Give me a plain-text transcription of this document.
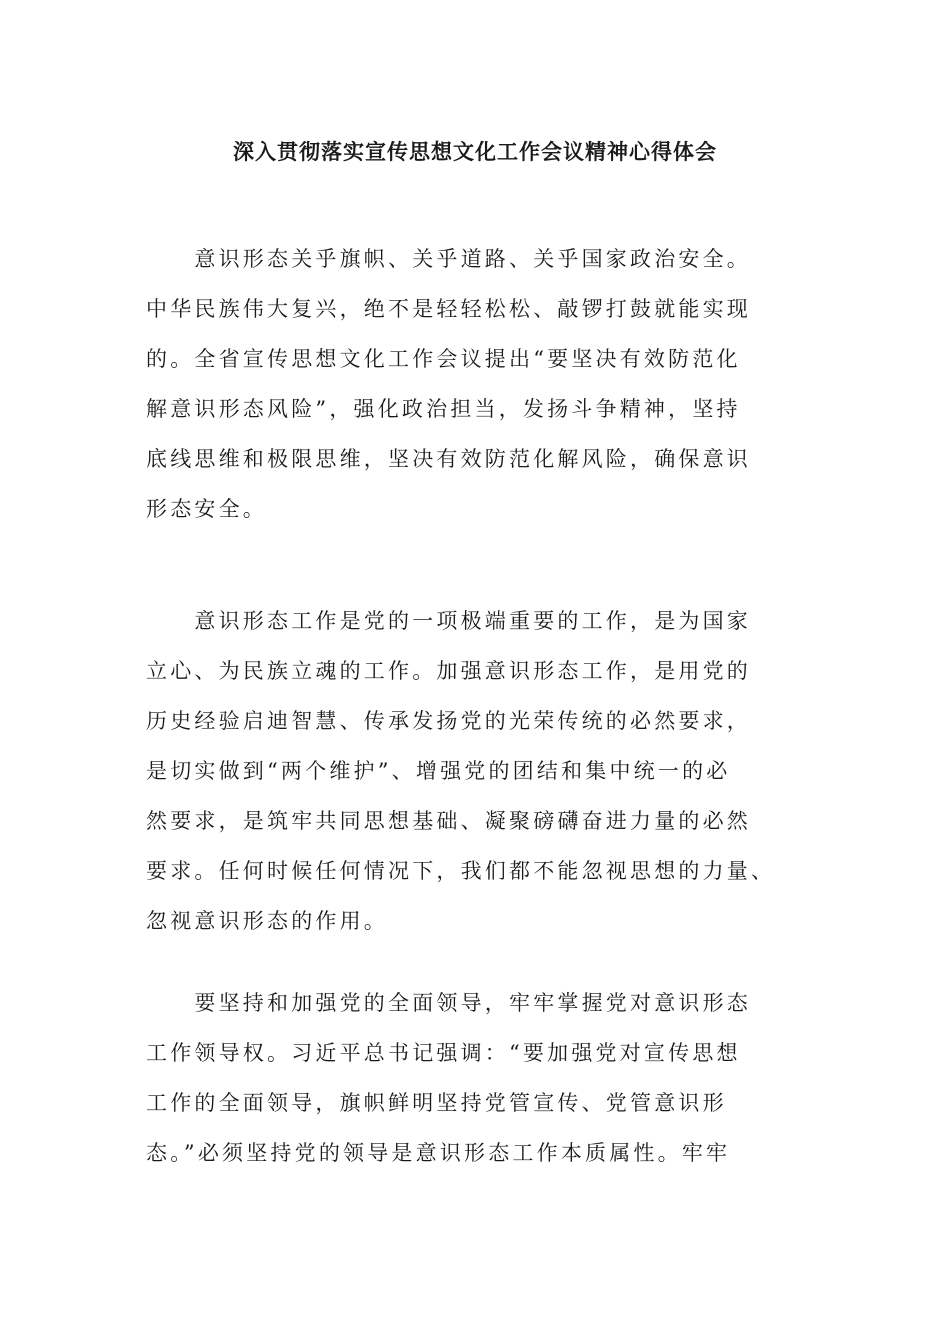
深入贯彻落实宣传思想文化工作会议精神心得体会
　　意识形态关乎旗帜、关乎道路、关乎国家政治安全。
中华民族伟大复兴，绝不是轻轻松松、敲锣打鼓就能实现
的。全省宣传思想文化工作会议提出“要坚决有效防范化
解意识形态风险”，强化政治担当，发扬斗争精神，坚持
底线思维和极限思维，坚决有效防范化解风险，确保意识
形态安全。
　　意识形态工作是党的一项极端重要的工作，是为国家
立心、为民族立魂的工作。加强意识形态工作，是用党的
历史经验启迪智慧、传承发扬党的光荣传统的必然要求，
是切实做到“两个维护”、增强党的团结和集中统一的必
然要求，是筑牢共同思想基础、凝聚磅礴奋进力量的必然
要求。任何时候任何情况下，我们都不能忽视思想的力量、
忽视意识形态的作用。
　　要坚持和加强党的全面领导，牢牢掌握党对意识形态
工作领导权。习近平总书记强调：“要加强党对宣传思想
工作的全面领导，旗帜鲜明坚持党管宣传、党管意识形
态。”必须坚持党的领导是意识形态工作本质属性。牢牢
